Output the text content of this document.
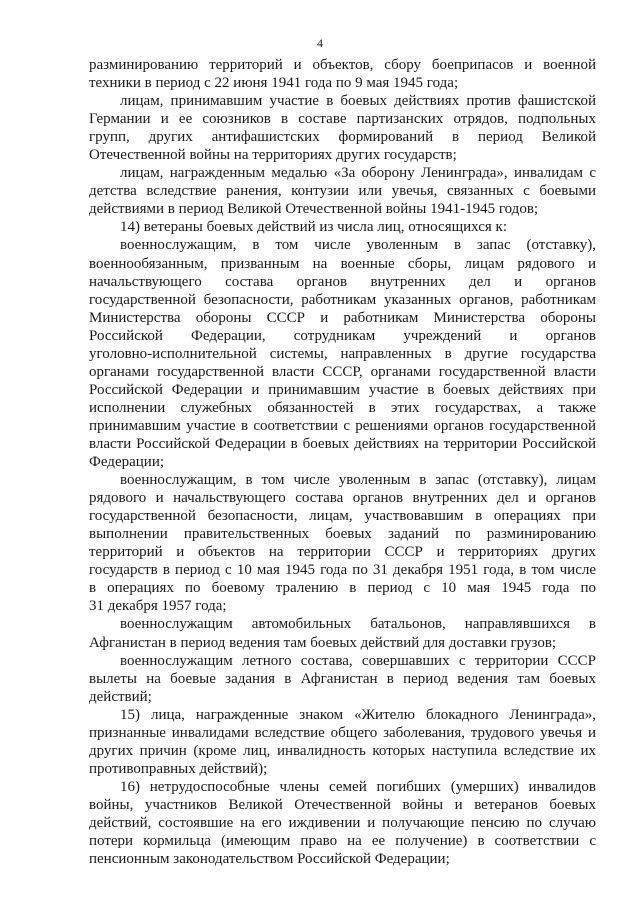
4
разминированию территорий и объектов, сбору боеприпасов и военной
техники в период с 22 июня 1941 года по 9 мая 1945 года;
лицам, принимавшим участие в боевых действиях против фашистской
Германии и ее союзников в составе партизанских отрядов, подпольных
групп, других антифашистских формирований в период Великой
Отечественной войны на территориях других государств;
лицам, награжденным медалью «За оборону Ленинграда», инвалидам с
детства вследствие ранения, контузии или увечья, связанных с боевыми
действиями в период Великой Отечественной войны 1941-1945 годов;
14) ветераны боевых действий из числа лиц, относящихся к:
военнослужащим, в том числе уволенным в запас (отставку),
военнообязанным, призванным на военные сборы, лицам рядового и
начальствующего состава органов внутренних дел и органов
государственной безопасности, работникам указанных органов, работникам
Министерства обороны СССР и работникам Министерства обороны
Российской Федерации, сотрудникам учреждений и органов
уголовно-исполнительной системы, направленных в другие государства
органами государственной власти СССР, органами государственной власти
Российской Федерации и принимавшим участие в боевых действиях при
исполнении служебных обязанностей в этих государствах, а также
принимавшим участие в соответствии с решениями органов государственной
власти Российской Федерации в боевых действиях на территории Российской
Федерации;
военнослужащим, в том числе уволенным в запас (отставку), лицам
рядового и начальствующего состава органов внутренних дел и органов
государственной безопасности, лицам, участвовавшим в операциях при
выполнении правительственных боевых заданий по разминированию
территорий и объектов на территории СССР и территориях других
государств в период с 10 мая 1945 года по 31 декабря 1951 года, в том числе
в операциях по боевому тралению в период с 10 мая 1945 года по
31 декабря 1957 года;
военнослужащим автомобильных батальонов, направлявшихся в
Афганистан в период ведения там боевых действий для доставки грузов;
военнослужащим летного состава, совершавших с территории СССР
вылеты на боевые задания в Афганистан в период ведения там боевых
действий;
15) лица, награжденные знаком «Жителю блокадного Ленинграда»,
признанные инвалидами вследствие общего заболевания, трудового увечья и
других причин (кроме лиц, инвалидность которых наступила вследствие их
противоправных действий);
16) нетрудоспособные члены семей погибших (умерших) инвалидов
войны, участников Великой Отечественной войны и ветеранов боевых
действий, состоявшие на его иждивении и получающие пенсию по случаю
потери кормильца (имеющим право на ее получение) в соответствии с
пенсионным законодательством Российской Федерации;
